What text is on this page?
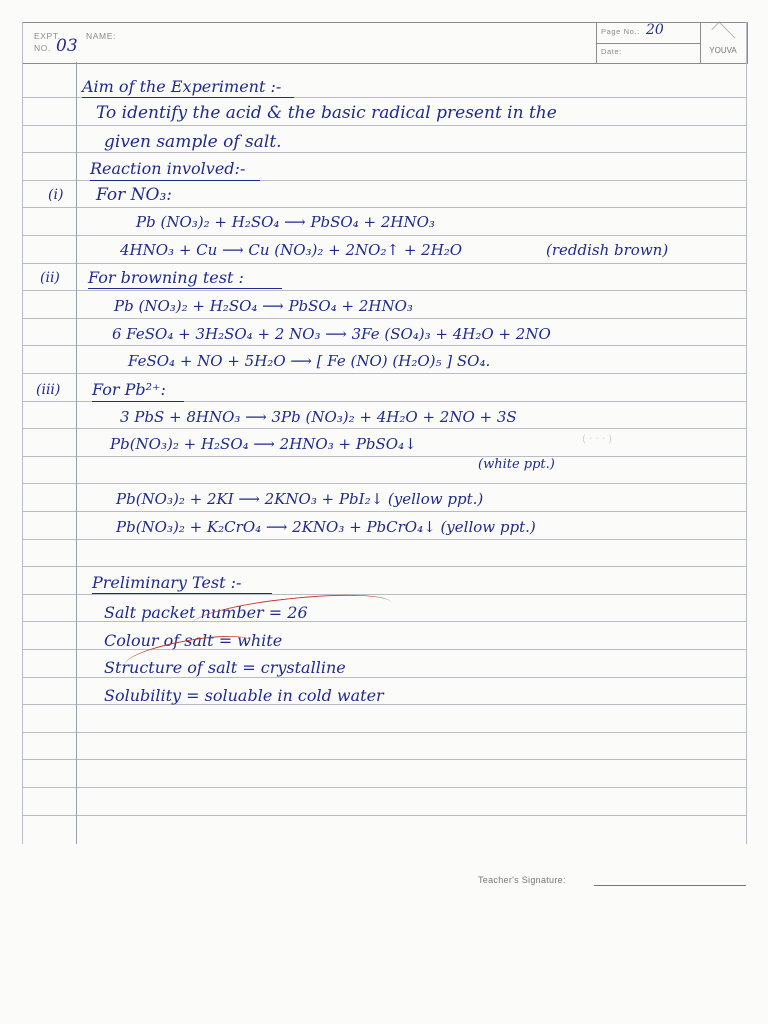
EXPT.
NO.
NAME:
03
Page No.: 20
Date:	YOUVA
Aim of the Experiment :-
To identify the acid & the basic radical present in the
given sample of salt.
Reaction involved:-
(i) For NO₃:
Pb (NO₃)₂ + H₂SO₄ ⟶ PbSO₄ + 2HNO₃
4HNO₃ + Cu ⟶ Cu (NO₃)₂ + 2NO₂↑ + 2H₂O	(reddish brown)
(ii) For browning test :
Pb (NO₃)₂ + H₂SO₄ ⟶ PbSO₄ + 2HNO₃
6 FeSO₄ + 3H₂SO₄ + 2 NO₃ ⟶ 3Fe (SO₄)₃ + 4H₂O + 2NO
FeSO₄ + NO + 5H₂O ⟶ [ Fe (NO) (H₂O)₅ ] SO₄.
(iii) For Pb²⁺:
3 PbS + 8HNO₃ ⟶ 3Pb (NO₃)₂ + 4H₂O + 2NO + 3S
( · · · )
Pb(NO₃)₂ + H₂SO₄ ⟶ 2HNO₃ + PbSO₄↓
(white ppt.)
Pb(NO₃)₂ + 2KI ⟶ 2KNO₃ + PbI₂↓ (yellow ppt.)
Pb(NO₃)₂ + K₂CrO₄ ⟶ 2KNO₃ + PbCrO₄↓ (yellow ppt.)
Preliminary Test :-
Salt packet number = 26
Colour of salt = white
Structure of salt = crystalline
Solubility = soluable in cold water
Teacher's Signature:
